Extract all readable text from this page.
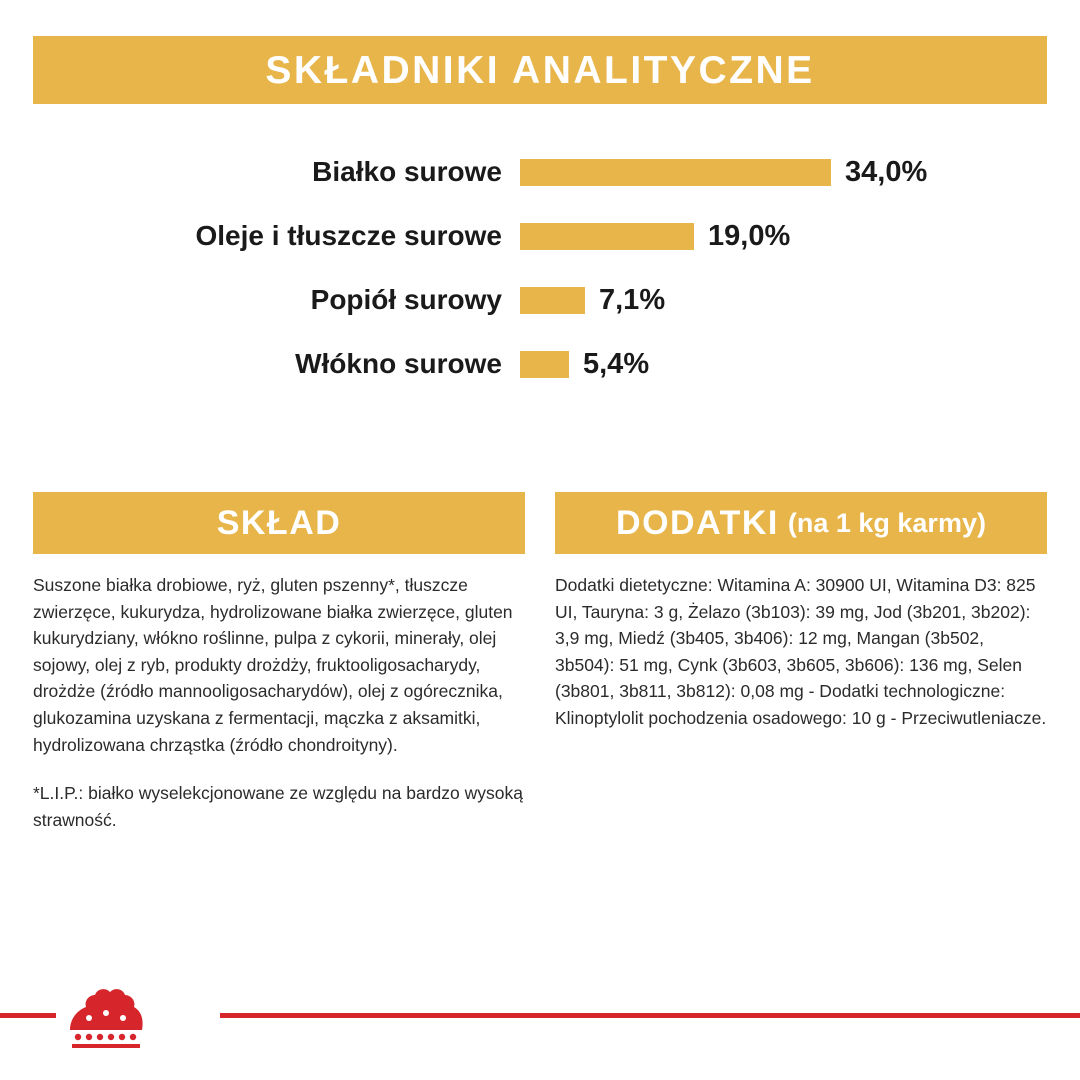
SKŁADNIKI ANALITYCZNE
Białko surowe	34,0%
Oleje i tłuszcze surowe	19,0%
Popiół surowy	7,1%
Włókno surowe	5,4%
SKŁAD
Suszone białka drobiowe, ryż, gluten pszenny*, tłuszcze zwierzęce, kukurydza, hydrolizowane białka zwierzęce, gluten kukurydziany, włókno roślinne, pulpa z cykorii, minerały, olej sojowy, olej z ryb, produkty drożdży, fruktooligosacharydy, drożdże (źródło mannooligosacharydów), olej z ogórecznika, glukozamina uzyskana z fermentacji, mączka z aksamitki, hydrolizowana chrząstka (źródło chondroityny).
*L.I.P.: białko wyselekcjonowane ze względu na bardzo wysoką strawność.
DODATKI (na 1 kg karmy)
Dodatki dietetyczne: Witamina A: 30900 UI, Witamina D3: 825 UI, Tauryna: 3 g, Żelazo (3b103): 39 mg, Jod (3b201, 3b202): 3,9 mg, Miedź (3b405, 3b406): 12 mg, Mangan (3b502, 3b504): 51 mg, Cynk (3b603, 3b605, 3b606): 136 mg, Selen (3b801, 3b811, 3b812): 0,08 mg - Dodatki technologiczne: Klinoptylolit pochodzenia osadowego: 10 g - Przeciwutleniacze.
